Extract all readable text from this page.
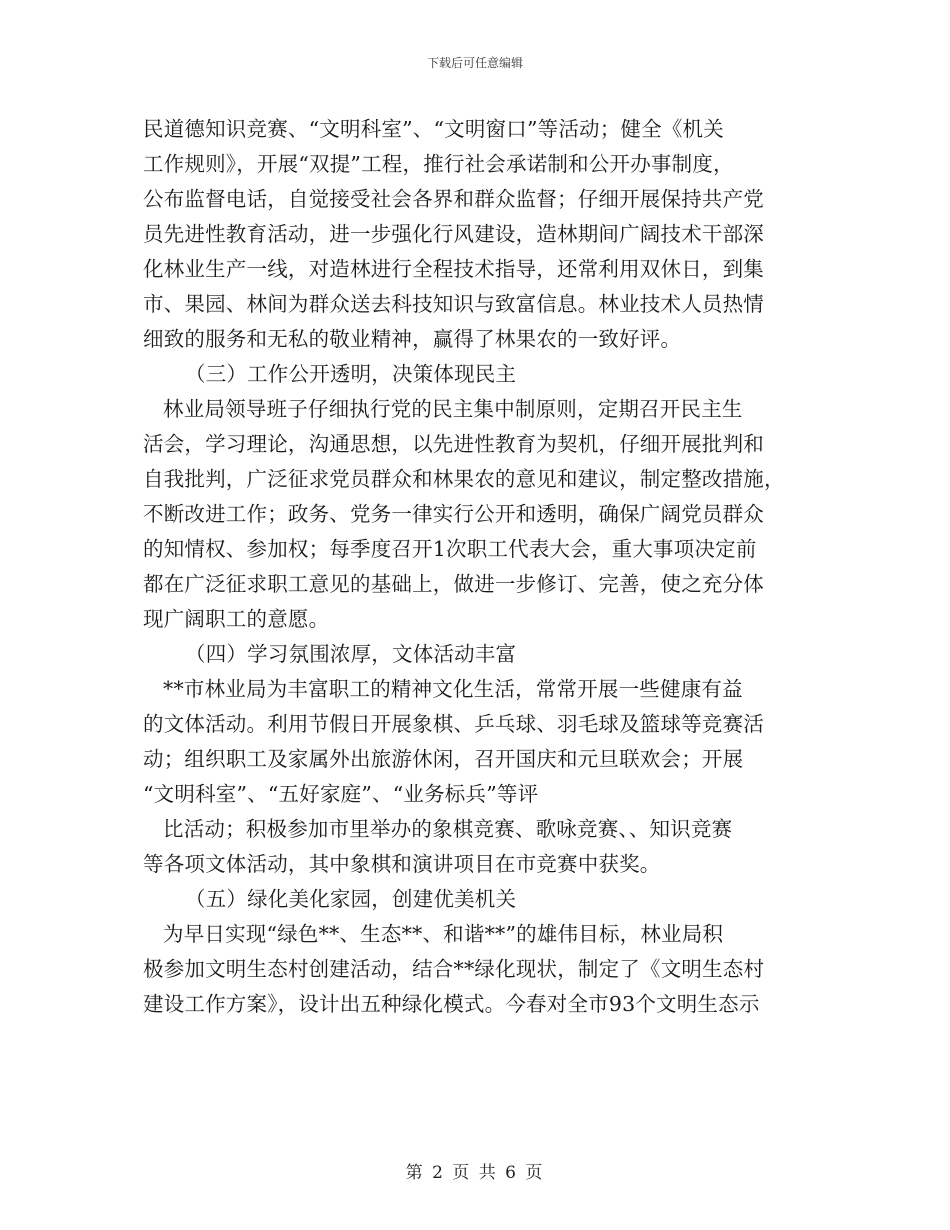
下载后可任意编辑
民道德知识竞赛、“文明科室”、“文明窗口”等活动；健全《机关
工作规则》，开展“双提”工程，推行社会承诺制和公开办事制度，
公布监督电话，自觉接受社会各界和群众监督；仔细开展保持共产党
员先进性教育活动，进一步强化行风建设，造林期间广阔技术干部深
化林业生产一线，对造林进行全程技术指导，还常利用双休日，到集
市、果园、林间为群众送去科技知识与致富信息。林业技术人员热情
细致的服务和无私的敬业精神，赢得了林果农的一致好评。
（三）工作公开透明，决策体现民主
林业局领导班子仔细执行党的民主集中制原则，定期召开民主生
活会，学习理论，沟通思想，以先进性教育为契机，仔细开展批判和
自我批判，广泛征求党员群众和林果农的意见和建议，制定整改措施，
不断改进工作；政务、党务一律实行公开和透明，确保广阔党员群众
的知情权、参加权；每季度召开1次职工代表大会，重大事项决定前
都在广泛征求职工意见的基础上，做进一步修订、完善，使之充分体
现广阔职工的意愿。
（四）学习氛围浓厚，文体活动丰富
**市林业局为丰富职工的精神文化生活，常常开展一些健康有益
的文体活动。利用节假日开展象棋、乒乓球、羽毛球及篮球等竞赛活
动；组织职工及家属外出旅游休闲，召开国庆和元旦联欢会；开展
“文明科室”、“五好家庭”、“业务标兵”等评
比活动；积极参加市里举办的象棋竞赛、歌咏竞赛、、知识竞赛
等各项文体活动，其中象棋和演讲项目在市竞赛中获奖。
（五）绿化美化家园，创建优美机关
为早日实现“绿色**、生态**、和谐**”的雄伟目标，林业局积
极参加文明生态村创建活动，结合**绿化现状，制定了《文明生态村
建设工作方案》，设计出五种绿化模式。今春对全市93个文明生态示
第 2 页 共 6 页
